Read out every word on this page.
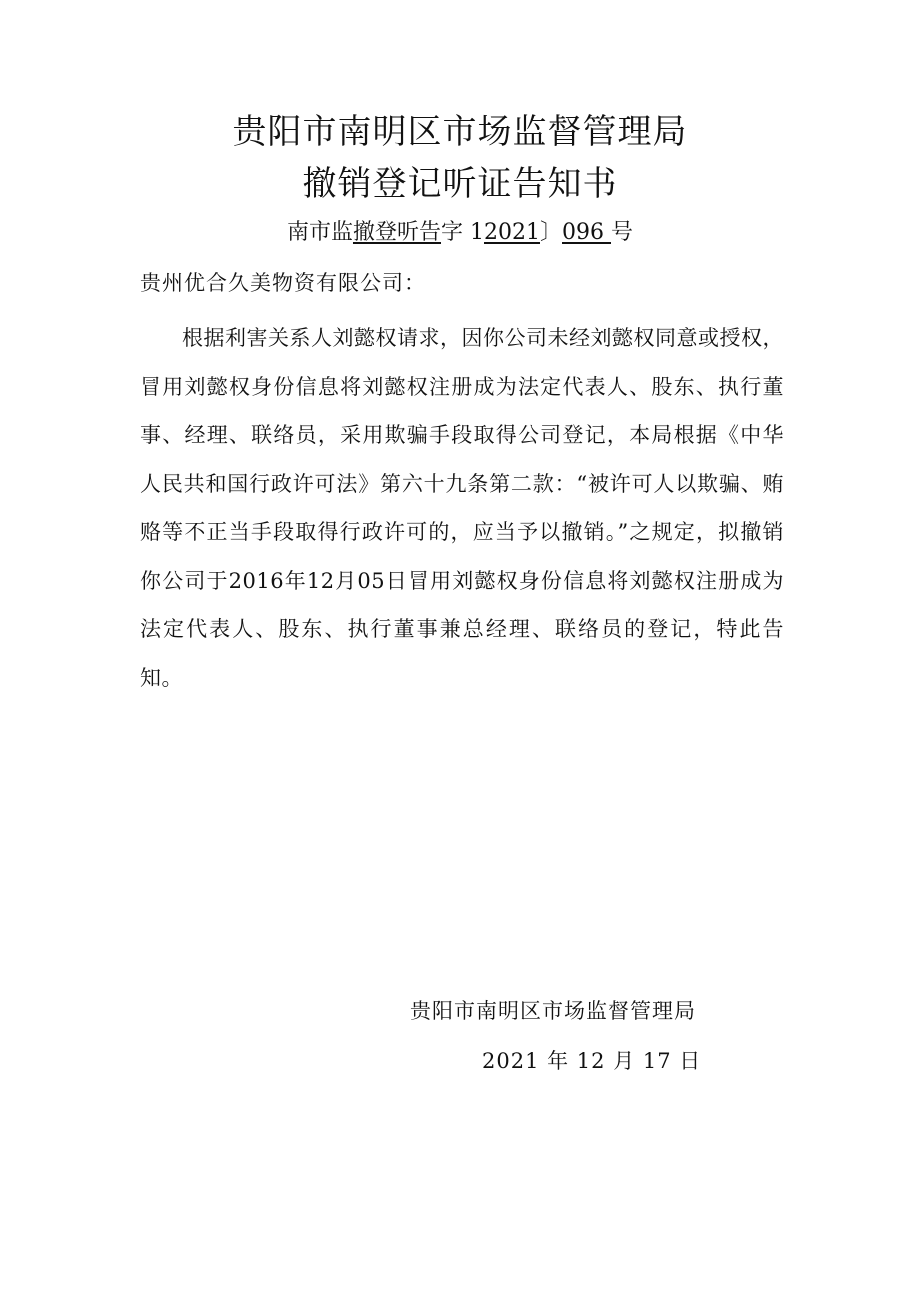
贵阳市南明区市场监督管理局
撤销登记听证告知书
南市监撤登听告字 12021〕096 号
贵州优合久美物资有限公司：

根据利害关系人刘懿权请求，因你公司未经刘懿权同意或授权，冒用刘懿权身份信息将刘懿权注册成为法定代表人、股东、执行董事、经理、联络员，采用欺骗手段取得公司登记，本局根据《中华人民共和国行政许可法》第六十九条第二款：“被许可人以欺骗、贿赂等不正当手段取得行政许可的，应当予以撤销。”之规定，拟撤销你公司于2016年12月05日冒用刘懿权身份信息将刘懿权注册成为法定代表人、股东、执行董事兼总经理、联络员的登记，特此告知。

贵阳市南明区市场监督管理局
2021 年 12 月 17 日
